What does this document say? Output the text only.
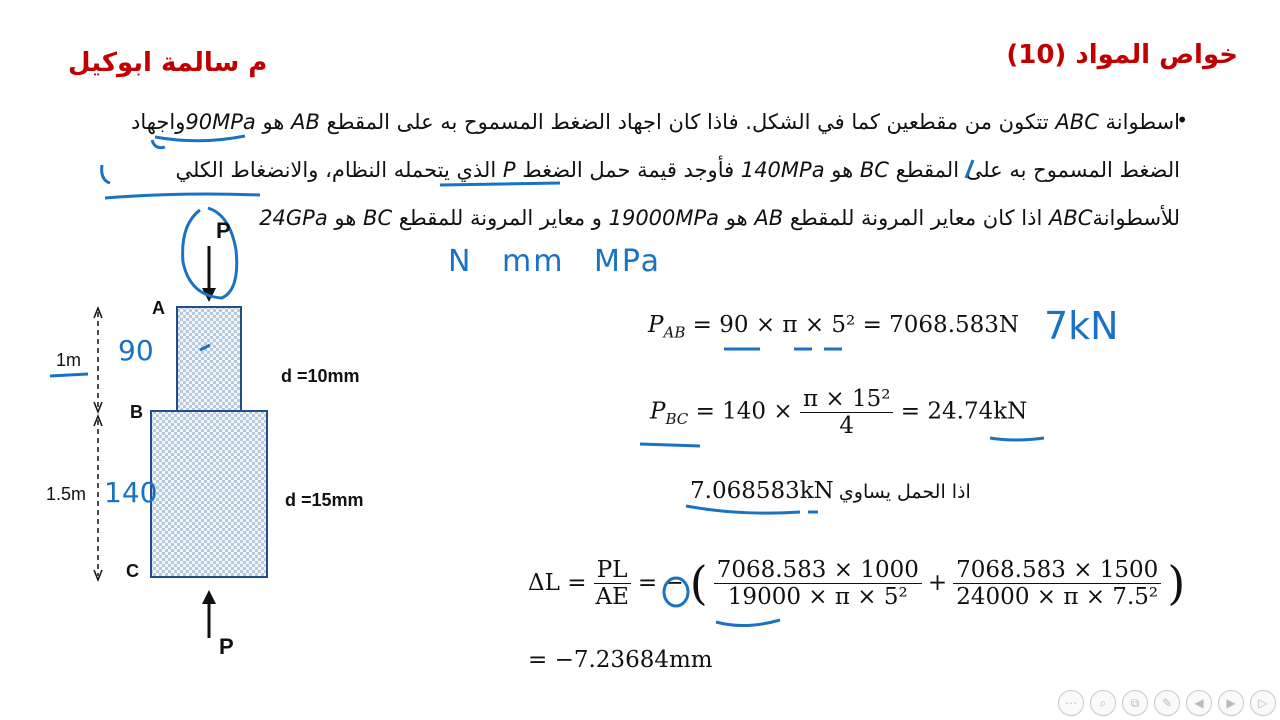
خواص المواد (10)
م سالمة ابوكيل
•
اسطوانة ABC تتكون من مقطعين كما في الشكل. فاذا كان اجهاد الضغط المسموح به على المقطع AB هو 90MPaواجهاد
الضغط المسموح به على المقطع BC هو 140MPa فأوجد قيمة حمل الضغط P الذي يتحمله النظام، والانضغاط الكلي
للأسطوانةABC اذا كان معاير المرونة للمقطع AB هو 19000MPa و معاير المرونة للمقطع BC هو 24GPa
N mm MPa
P
P
A
B
C
1m
1.5m
d =10mm
d =15mm
90
140
$P_{AB} = 90 \times \pi \times 5^2 = 7068.583N$ 7kN
$P_{BC} = 140 \times \frac{\text{π × 15²}}{4} = 24.74kN$
7.068583kN اذا الحمل يساوي
$\Delta L = \frac{PL}{AE}$ = − ( $\frac{7068.583 \times 1000}{\text{19000 × π × 5²}} + \frac{7068.583 \times 1500}{\text{24000 × π × 7.5²}}$ )
= −7.23684mm
⋯	⌕	⧉	✎	◀	▶	▷
